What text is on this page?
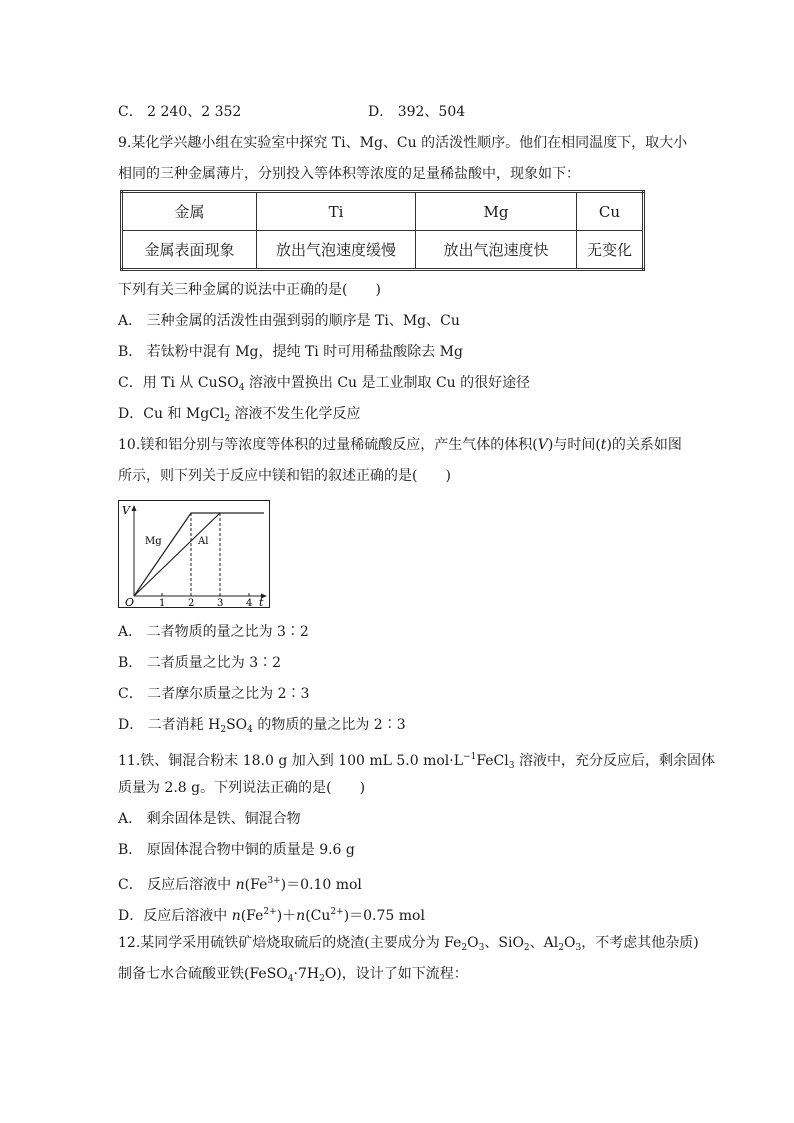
C． 2 240、2 352	D． 392、504
9.某化学兴趣小组在实验室中探究 Ti、Mg、Cu 的活泼性顺序。他们在相同温度下，取大小
相同的三种金属薄片，分别投入等体积等浓度的足量稀盐酸中，现象如下：
金属	Ti	Mg	Cu
金属表面现象	放出气泡速度缓慢	放出气泡速度快	无变化
下列有关三种金属的说法中正确的是(　　)
A． 三种金属的活泼性由强到弱的顺序是 Ti、Mg、Cu
B． 若钛粉中混有 Mg，提纯 Ti 时可用稀盐酸除去 Mg
C．用 Ti 从 CuSO$_4$ 溶液中置换出 Cu 是工业制取 Cu 的很好途径
D．Cu 和 MgCl$_2$ 溶液不发生化学反应
10.镁和铝分别与等浓度等体积的过量稀硫酸反应，产生气体的体积(V)与时间(t)的关系如图
所示，则下列关于反应中镁和铝的叙述正确的是(　　)
V
t
O 1 2 3 4
Mg	Al
A． 二者物质的量之比为 3∶2
B． 二者质量之比为 3∶2
C． 二者摩尔质量之比为 2∶3
D． 二者消耗 $H_2SO_4$ 的物质的量之比为 2∶3
11.铁、铜混合粉末 18.0 g 加入到 100 mL 5.0 $mol\cdot L^{-1}FeCl_3$ 溶液中，充分反应后，剩余固体
质量为 2.8 g。下列说法正确的是(　　)
A． 剩余固体是铁、铜混合物
B． 原固体混合物中铜的质量是 9.6 g
C． 反应后溶液中 $n(Fe^{3+})=0.10$ mol
D．反应后溶液中 $n(Fe^{2+})+n(Cu^{2+})=0.75$ mol
12.某同学采用硫铁矿焙烧取硫后的烧渣(主要成分为 $Fe_2O_3$、SiO$_2$、$Al_2O_3$，不考虑其他杂质)
制备七水合硫酸亚铁$(FeSO_4\cdot 7H_2O)$，设计了如下流程：
